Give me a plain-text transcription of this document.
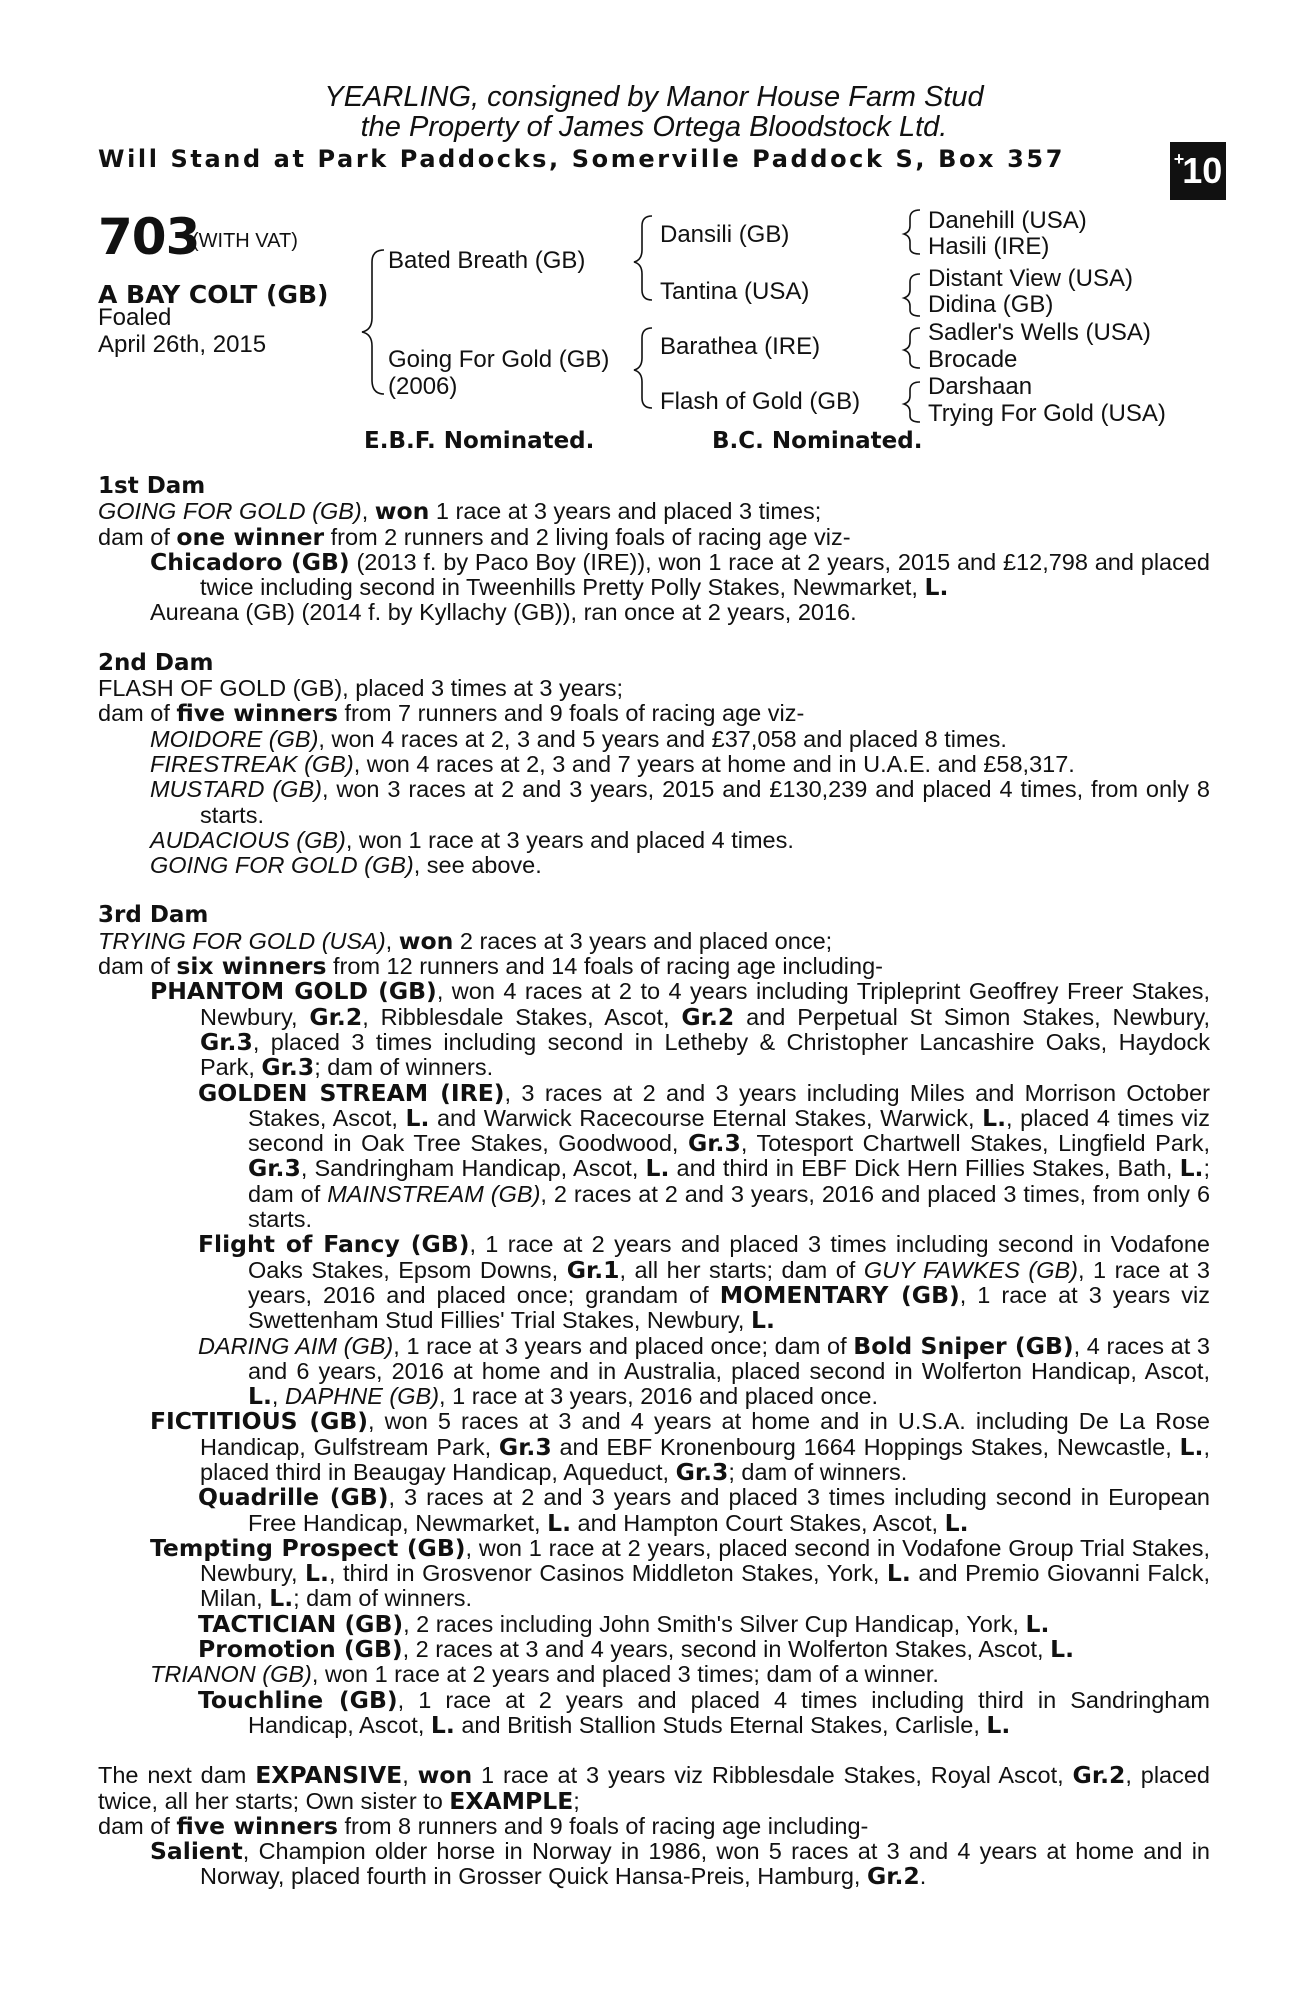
YEARLING, consigned by Manor House Farm Stud
the Property of James Ortega Bloodstock Ltd.
Will Stand at Park Paddocks, Somerville Paddock S, Box 357	+
10
703
(WITH VAT)
A BAY COLT (GB)
Foaled
April 26th, 2015
Bated Breath (GB)
Going For Gold (GB)
(2006)
Dansili (GB)
Tantina (USA)
Barathea (IRE)
Flash of Gold (GB)
Danehill (USA)
Hasili (IRE)
Distant View (USA)
Didina (GB)
Sadler's Wells (USA)
Brocade
Darshaan
Trying For Gold (USA)
E.B.F. Nominated.	B.C. Nominated.
1st Dam
GOING FOR GOLD (GB), won 1 race at 3 years and placed 3 times;
dam of one winner from 2 runners and 2 living foals of racing age viz-
Chicadoro (GB) (2013 f. by Paco Boy (IRE)), won 1 race at 2 years, 2015 and £12,798 and placed twice including second in Tweenhills Pretty Polly Stakes, Newmarket, L.
Aureana (GB) (2014 f. by Kyllachy (GB)), ran once at 2 years, 2016.
2nd Dam
FLASH OF GOLD (GB), placed 3 times at 3 years;
dam of five winners from 7 runners and 9 foals of racing age viz-
MOIDORE (GB), won 4 races at 2, 3 and 5 years and £37,058 and placed 8 times.
FIRESTREAK (GB), won 4 races at 2, 3 and 7 years at home and in U.A.E. and £58,317.
MUSTARD (GB), won 3 races at 2 and 3 years, 2015 and £130,239 and placed 4 times, from only 8 starts.
AUDACIOUS (GB), won 1 race at 3 years and placed 4 times.
GOING FOR GOLD (GB), see above.
3rd Dam
TRYING FOR GOLD (USA), won 2 races at 3 years and placed once;
dam of six winners from 12 runners and 14 foals of racing age including-
PHANTOM GOLD (GB), won 4 races at 2 to 4 years including Tripleprint Geoffrey Freer Stakes, Newbury, Gr.2, Ribblesdale Stakes, Ascot, Gr.2 and Perpetual St Simon Stakes, Newbury, Gr.3, placed 3 times including second in Letheby & Christopher Lancashire Oaks, Haydock Park, Gr.3; dam of winners.
GOLDEN STREAM (IRE), 3 races at 2 and 3 years including Miles and Morrison October Stakes, Ascot, L. and Warwick Racecourse Eternal Stakes, Warwick, L., placed 4 times viz second in Oak Tree Stakes, Goodwood, Gr.3, Totesport Chartwell Stakes, Lingfield Park, Gr.3, Sandringham Handicap, Ascot, L. and third in EBF Dick Hern Fillies Stakes, Bath, L.; dam of MAINSTREAM (GB), 2 races at 2 and 3 years, 2016 and placed 3 times, from only 6 starts.
Flight of Fancy (GB), 1 race at 2 years and placed 3 times including second in Vodafone Oaks Stakes, Epsom Downs, Gr.1, all her starts; dam of GUY FAWKES (GB), 1 race at 3 years, 2016 and placed once; grandam of MOMENTARY (GB), 1 race at 3 years viz Swettenham Stud Fillies' Trial Stakes, Newbury, L.
DARING AIM (GB), 1 race at 3 years and placed once; dam of Bold Sniper (GB), 4 races at 3 and 6 years, 2016 at home and in Australia, placed second in Wolferton Handicap, Ascot, L., DAPHNE (GB), 1 race at 3 years, 2016 and placed once.
FICTITIOUS (GB), won 5 races at 3 and 4 years at home and in U.S.A. including De La Rose Handicap, Gulfstream Park, Gr.3 and EBF Kronenbourg 1664 Hoppings Stakes, Newcastle, L., placed third in Beaugay Handicap, Aqueduct, Gr.3; dam of winners.
Quadrille (GB), 3 races at 2 and 3 years and placed 3 times including second in European Free Handicap, Newmarket, L. and Hampton Court Stakes, Ascot, L.
Tempting Prospect (GB), won 1 race at 2 years, placed second in Vodafone Group Trial Stakes, Newbury, L., third in Grosvenor Casinos Middleton Stakes, York, L. and Premio Giovanni Falck, Milan, L.; dam of winners.
TACTICIAN (GB), 2 races including John Smith's Silver Cup Handicap, York, L.
Promotion (GB), 2 races at 3 and 4 years, second in Wolferton Stakes, Ascot, L.
TRIANON (GB), won 1 race at 2 years and placed 3 times; dam of a winner.
Touchline (GB), 1 race at 2 years and placed 4 times including third in Sandringham Handicap, Ascot, L. and British Stallion Studs Eternal Stakes, Carlisle, L.
The next dam EXPANSIVE, won 1 race at 3 years viz Ribblesdale Stakes, Royal Ascot, Gr.2, placed twice, all her starts; Own sister to EXAMPLE;
dam of five winners from 8 runners and 9 foals of racing age including-
Salient, Champion older horse in Norway in 1986, won 5 races at 3 and 4 years at home and in Norway, placed fourth in Grosser Quick Hansa-Preis, Hamburg, Gr.2.
